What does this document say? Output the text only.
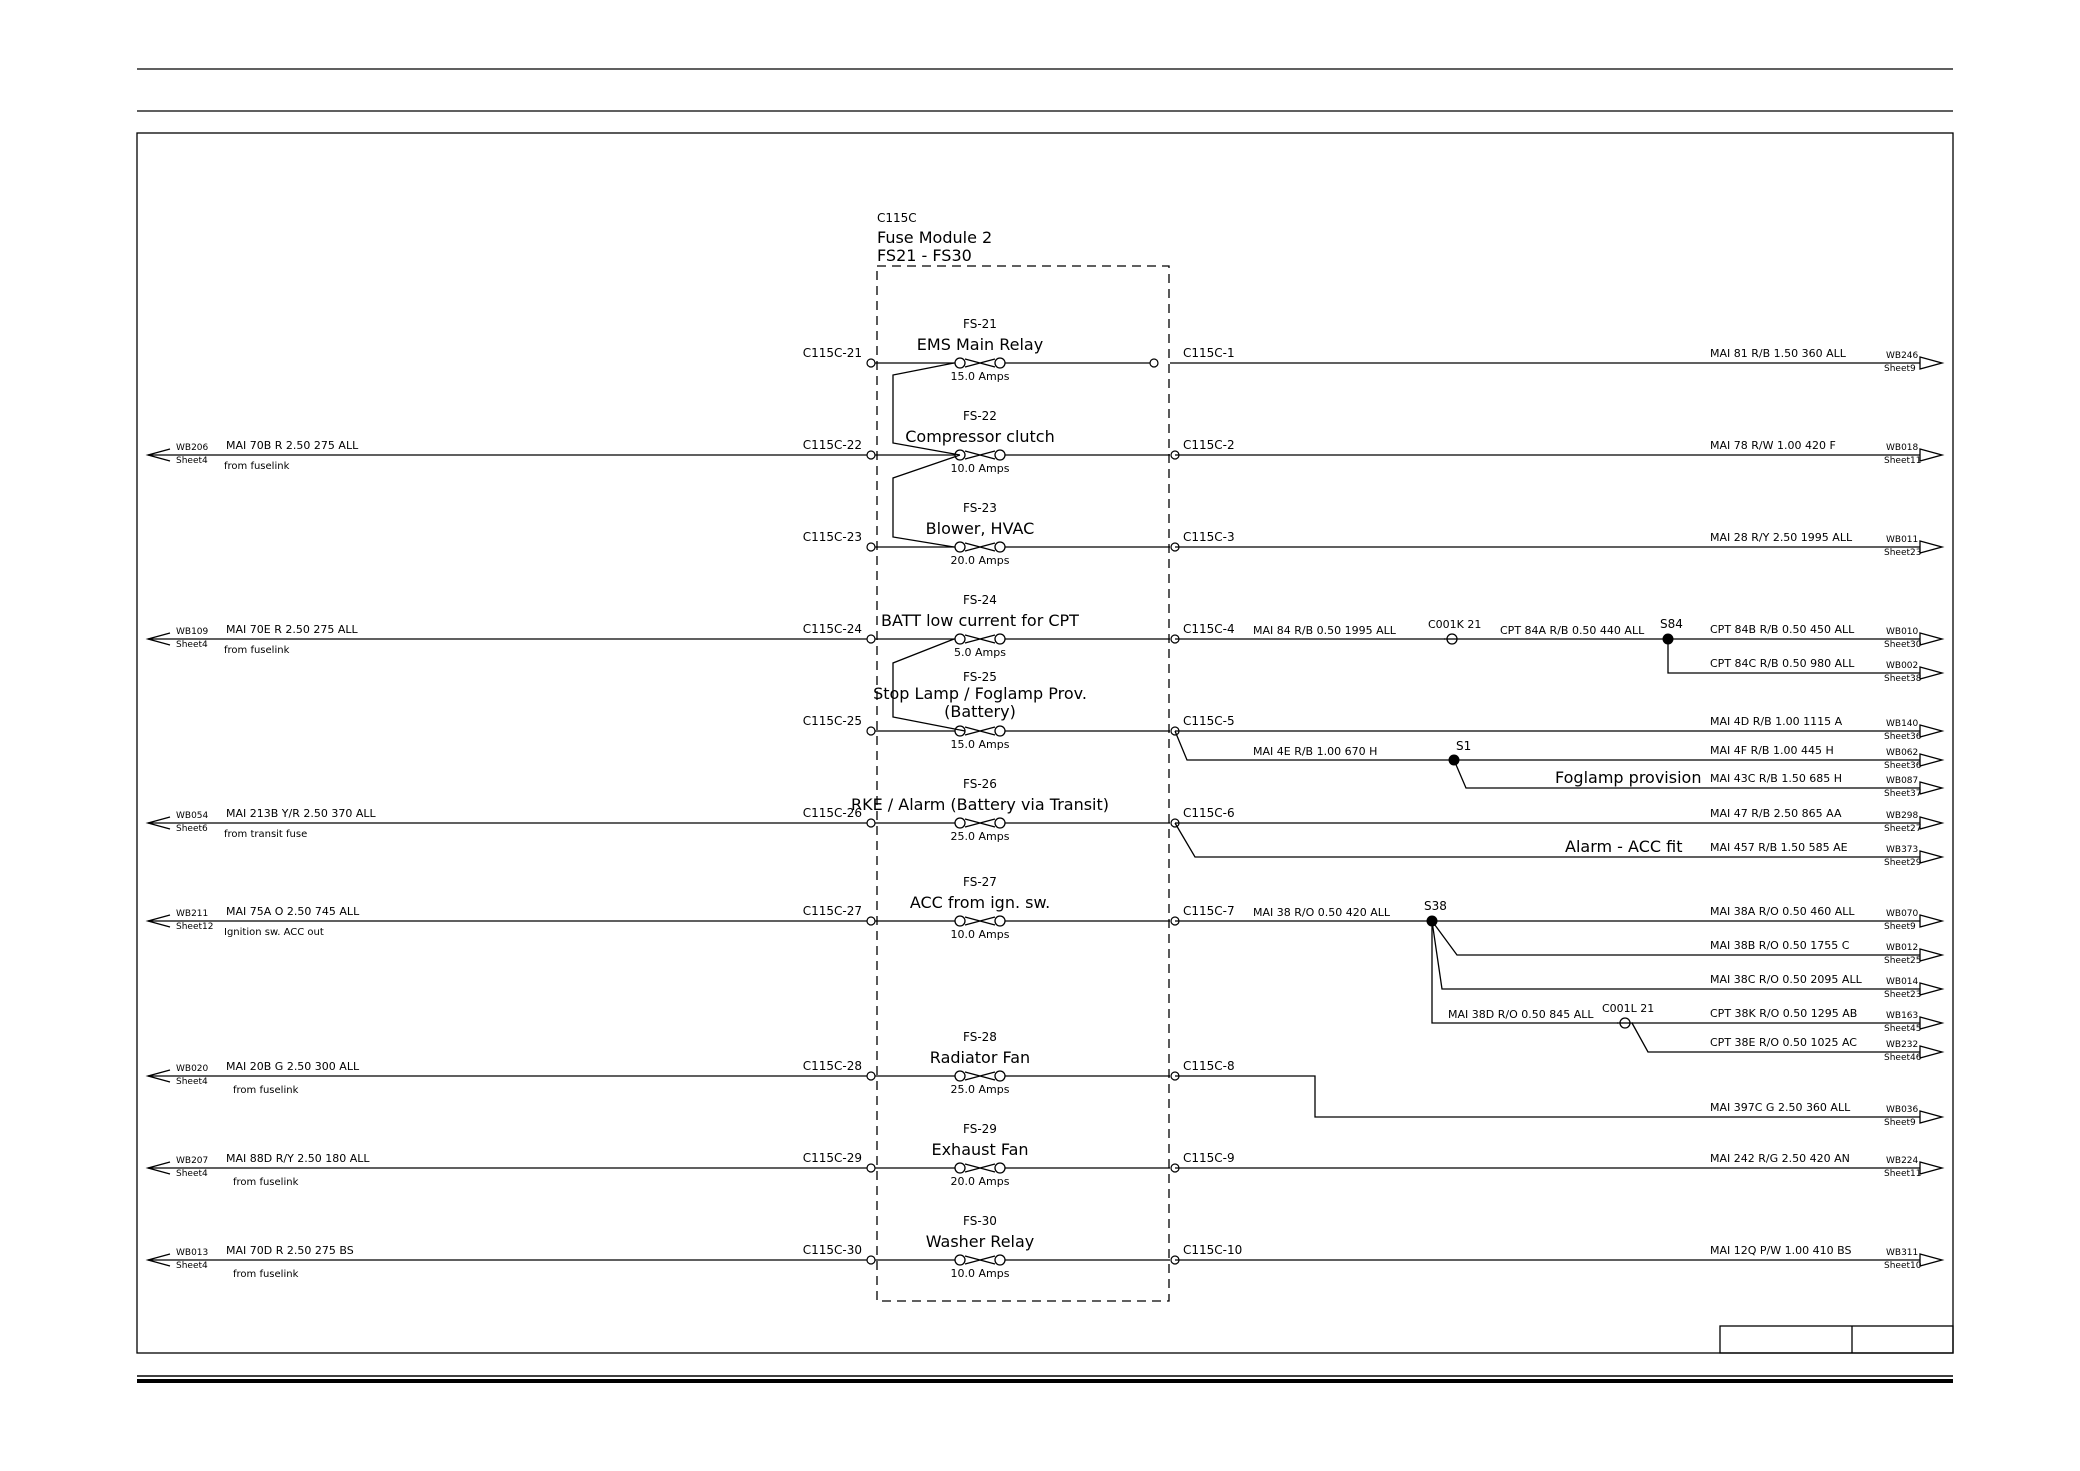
C115C
Fuse Module 2
FS21 - FS30
FS-21
EMS Main Relay
15.0 Amps
C115C-21	C115C-1
FS-22
Compressor clutch
10.0 Amps
C115C-22	C115C-2
FS-23
Blower, HVAC
20.0 Amps
C115C-23	C115C-3
FS-24
BATT low current for CPT
5.0 Amps
C115C-24	C115C-4
FS-25
Stop Lamp / Foglamp Prov.
(Battery)
15.0 Amps
C115C-25	C115C-5
FS-26
RKE / Alarm (Battery via Transit)
25.0 Amps
C115C-26	C115C-6
FS-27
ACC from ign. sw.
10.0 Amps
C115C-27	C115C-7
FS-28
Radiator Fan
25.0 Amps
C115C-28	C115C-8
FS-29
Exhaust Fan
20.0 Amps
C115C-29	C115C-9
FS-30
Washer Relay
10.0 Amps
C115C-30	C115C-10
WB206
Sheet4
MAI 70B R 2.50 275 ALL
from fuselink
WB109
Sheet4
MAI 70E R 2.50 275 ALL
from fuselink
WB054
Sheet6
MAI 213B Y/R 2.50 370 ALL
from transit fuse
WB211
Sheet12
MAI 75A O 2.50 745 ALL
Ignition sw. ACC out
WB020
Sheet4
MAI 20B G 2.50 300 ALL
from fuselink
WB207
Sheet4
MAI 88D R/Y 2.50 180 ALL
from fuselink
WB013
Sheet4
MAI 70D R 2.50 275 BS
from fuselink
MAI 81 R/B 1.50 360 ALL	WB246
Sheet9
MAI 78 R/W 1.00 420 F	WB018
Sheet11
MAI 28 R/Y 2.50 1995 ALL	WB011
Sheet23
CPT 84B R/B 0.50 450 ALL	WB010
Sheet30
CPT 84C R/B 0.50 980 ALL	WB002
Sheet38
MAI 4D R/B 1.00 1115 A	WB140
Sheet36
MAI 4F R/B 1.00 445 H	WB062
Sheet36
MAI 43C R/B 1.50 685 H	WB087
Sheet37
MAI 47 R/B 2.50 865 AA	WB298
Sheet27
MAI 457 R/B 1.50 585 AE	WB373
Sheet29
MAI 38A R/O 0.50 460 ALL	WB070
Sheet9
MAI 38B R/O 0.50 1755 C	WB012
Sheet25
MAI 38C R/O 0.50 2095 ALL	WB014
Sheet23
CPT 38K R/O 0.50 1295 AB	WB163
Sheet45
CPT 38E R/O 0.50 1025 AC	WB232
Sheet46
MAI 397C G 2.50 360 ALL	WB036
Sheet9
MAI 242 R/G 2.50 420 AN	WB224
Sheet11
MAI 12Q P/W 1.00 410 BS	WB311
Sheet10
MAI 84 R/B 0.50 1995 ALL	C001K 21 CPT 84A R/B 0.50 440 ALL S84
MAI 4E R/B 1.00 670 H	S1
Foglamp provision
Alarm - ACC fit
MAI 38 R/O 0.50 420 ALL	S38
MAI 38D R/O 0.50 845 ALL C001L 21
